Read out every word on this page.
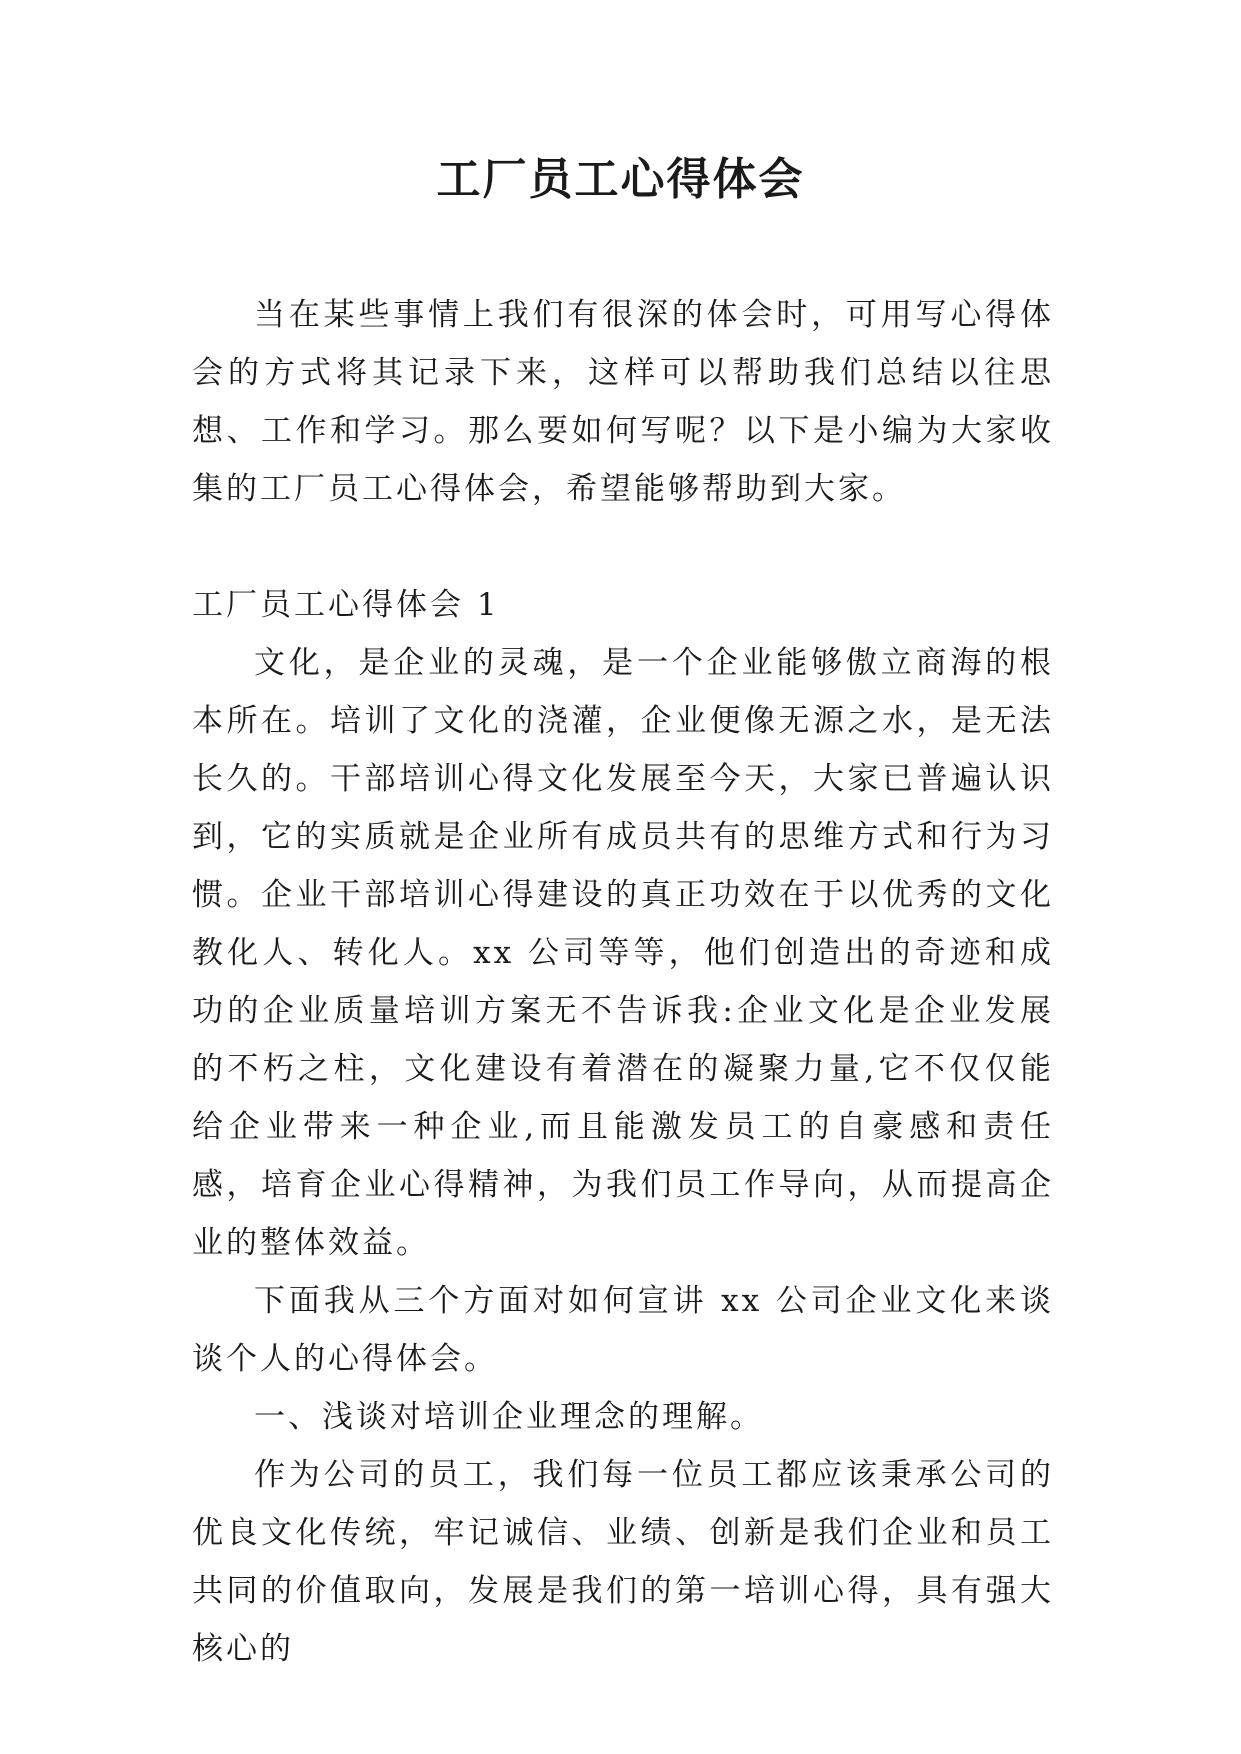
工厂员工心得体会

当在某些事情上我们有很深的体会时，可用写心得体会的方式将其记录下来，这样可以帮助我们总结以往思想、工作和学习。那么要如何写呢？以下是小编为大家收集的工厂员工心得体会，希望能够帮助到大家。

工厂员工心得体会 1

文化，是企业的灵魂，是一个企业能够傲立商海的根本所在。培训了文化的浇灌，企业便像无源之水，是无法长久的。干部培训心得文化发展至今天，大家已普遍认识到，它的实质就是企业所有成员共有的思维方式和行为习惯。企业干部培训心得建设的真正功效在于以优秀的文化教化人、转化人。xx 公司等等，他们创造出的奇迹和成功的企业质量培训方案无不告诉我:企业文化是企业发展的不朽之柱，文化建设有着潜在的凝聚力量,它不仅仅能给企业带来一种企业,而且能激发员工的自豪感和责任感，培育企业心得精神，为我们员工作导向，从而提高企业的整体效益。

下面我从三个方面对如何宣讲 xx 公司企业文化来谈谈个人的心得体会。

一、浅谈对培训企业理念的理解。

作为公司的员工，我们每一位员工都应该秉承公司的优良文化传统，牢记诚信、业绩、创新是我们企业和员工共同的价值取向，发展是我们的第一培训心得，具有强大核心的
